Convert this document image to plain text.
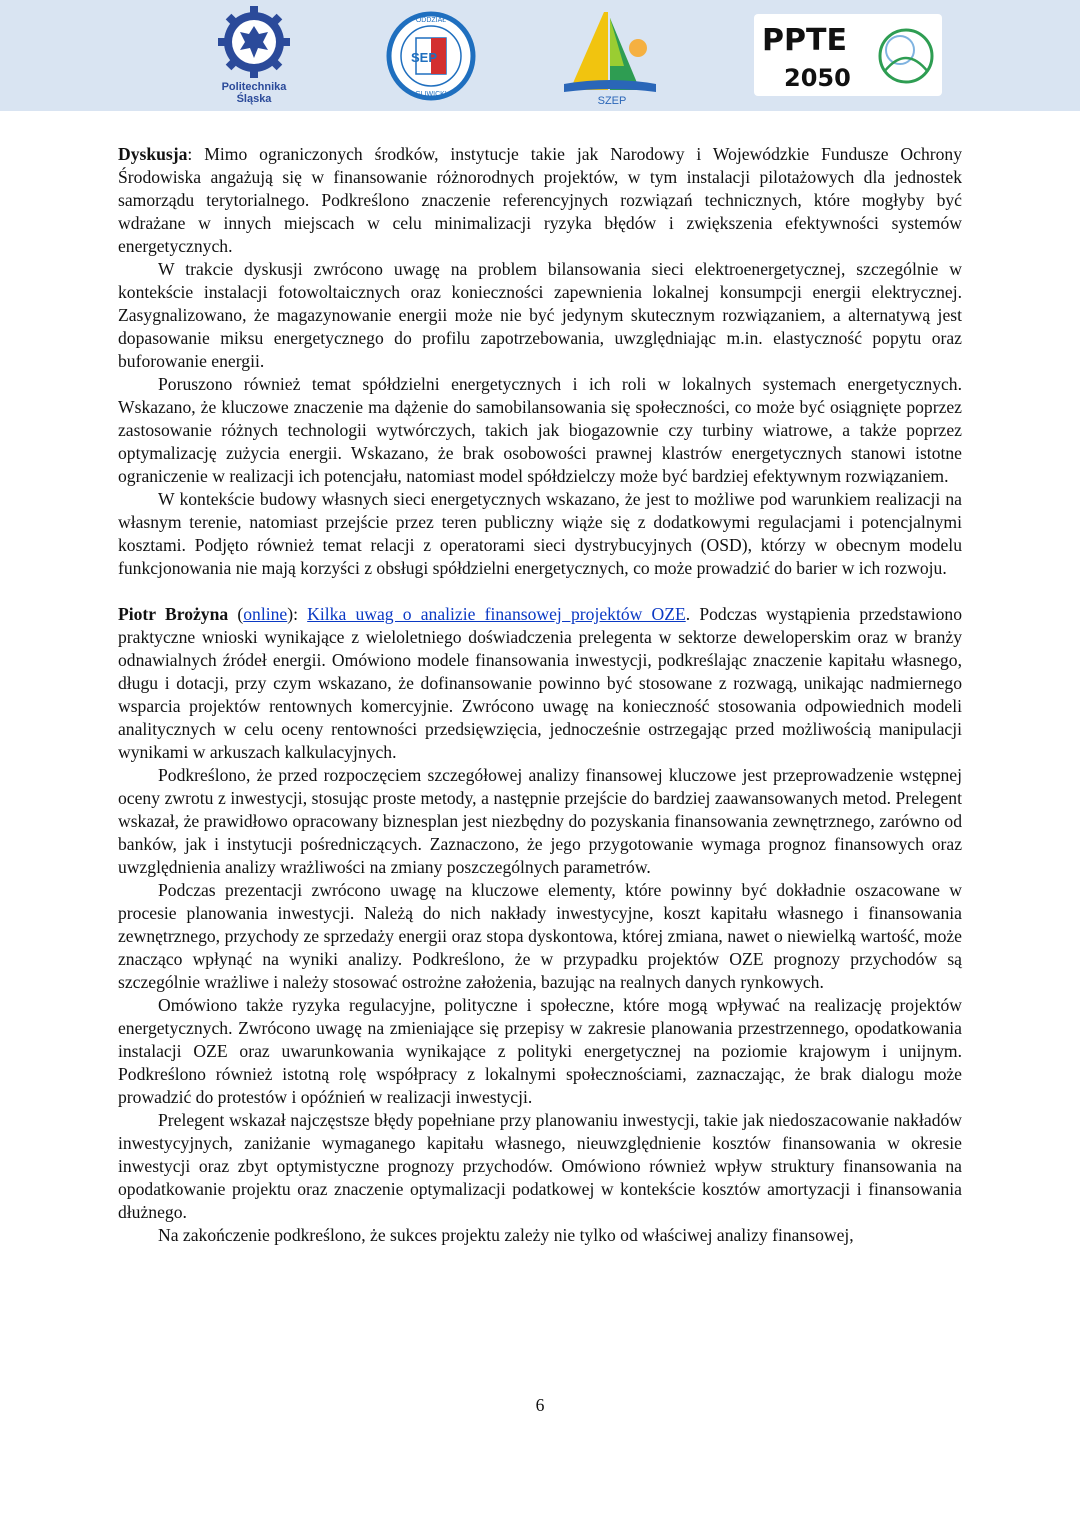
Politechnika
Śląska
ODDZIAŁ
GLIWICKI
SEP
SZEP
PPTE
2050

Dyskusja: Mimo ograniczonych środków, instytucje takie jak Narodowy i Wojewódzkie Fundusze Ochrony Środowiska angażują się w finansowanie różnorodnych projektów, w tym instalacji pilotażowych dla jednostek samorządu terytorialnego. Podkreślono znaczenie referencyjnych rozwiązań technicznych, które mogłyby być wdrażane w innych miejscach w celu minimalizacji ryzyka błędów i zwiększenia efektywności systemów energetycznych.

W trakcie dyskusji zwrócono uwagę na problem bilansowania sieci elektroenergetycznej, szczególnie w kontekście instalacji fotowoltaicznych oraz konieczności zapewnienia lokalnej konsumpcji energii elektrycznej. Zasygnalizowano, że magazynowanie energii może nie być jedynym skutecznym rozwiązaniem, a alternatywą jest dopasowanie miksu energetycznego do profilu zapotrzebowania, uwzględniając m.in. elastyczność popytu oraz buforowanie energii.

Poruszono również temat spółdzielni energetycznych i ich roli w lokalnych systemach energetycznych. Wskazano, że kluczowe znaczenie ma dążenie do samobilansowania się społeczności, co może być osiągnięte poprzez zastosowanie różnych technologii wytwórczych, takich jak biogazownie czy turbiny wiatrowe, a także poprzez optymalizację zużycia energii. Wskazano, że brak osobowości prawnej klastrów energetycznych stanowi istotne ograniczenie w realizacji ich potencjału, natomiast model spółdzielczy może być bardziej efektywnym rozwiązaniem.

W kontekście budowy własnych sieci energetycznych wskazano, że jest to możliwe pod warunkiem realizacji na własnym terenie, natomiast przejście przez teren publiczny wiąże się z dodatkowymi regulacjami i potencjalnymi kosztami. Podjęto również temat relacji z operatorami sieci dystrybucyjnych (OSD), którzy w obecnym modelu funkcjonowania nie mają korzyści z obsługi spółdzielni energetycznych, co może prowadzić do barier w ich rozwoju.

Piotr Brożyna (online): Kilka uwag o analizie finansowej projektów OZE. Podczas wystąpienia przedstawiono praktyczne wnioski wynikające z wieloletniego doświadczenia prelegenta w sektorze deweloperskim oraz w branży odnawialnych źródeł energii. Omówiono modele finansowania inwestycji, podkreślając znaczenie kapitału własnego, długu i dotacji, przy czym wskazano, że dofinansowanie powinno być stosowane z rozwagą, unikając nadmiernego wsparcia projektów rentownych komercyjnie. Zwrócono uwagę na konieczność stosowania odpowiednich modeli analitycznych w celu oceny rentowności przedsięwzięcia, jednocześnie ostrzegając przed możliwością manipulacji wynikami w arkuszach kalkulacyjnych.

Podkreślono, że przed rozpoczęciem szczegółowej analizy finansowej kluczowe jest przeprowadzenie wstępnej oceny zwrotu z inwestycji, stosując proste metody, a następnie przejście do bardziej zaawansowanych metod. Prelegent wskazał, że prawidłowo opracowany biznesplan jest niezbędny do pozyskania finansowania zewnętrznego, zarówno od banków, jak i instytucji pośredniczących. Zaznaczono, że jego przygotowanie wymaga prognoz finansowych oraz uwzględnienia analizy wrażliwości na zmiany poszczególnych parametrów.

Podczas prezentacji zwrócono uwagę na kluczowe elementy, które powinny być dokładnie oszacowane w procesie planowania inwestycji. Należą do nich nakłady inwestycyjne, koszt kapitału własnego i finansowania zewnętrznego, przychody ze sprzedaży energii oraz stopa dyskontowa, której zmiana, nawet o niewielką wartość, może znacząco wpłynąć na wyniki analizy. Podkreślono, że w przypadku projektów OZE prognozy przychodów są szczególnie wrażliwe i należy stosować ostrożne założenia, bazując na realnych danych rynkowych.

Omówiono także ryzyka regulacyjne, polityczne i społeczne, które mogą wpływać na realizację projektów energetycznych. Zwrócono uwagę na zmieniające się przepisy w zakresie planowania przestrzennego, opodatkowania instalacji OZE oraz uwarunkowania wynikające z polityki energetycznej na poziomie krajowym i unijnym. Podkreślono również istotną rolę współpracy z lokalnymi społecznościami, zaznaczając, że brak dialogu może prowadzić do protestów i opóźnień w realizacji inwestycji.

Prelegent wskazał najczęstsze błędy popełniane przy planowaniu inwestycji, takie jak niedoszacowanie nakładów inwestycyjnych, zaniżanie wymaganego kapitału własnego, nieuwzględnienie kosztów finansowania w okresie inwestycji oraz zbyt optymistyczne prognozy przychodów. Omówiono również wpływ struktury finansowania na opodatkowanie projektu oraz znaczenie optymalizacji podatkowej w kontekście kosztów amortyzacji i finansowania dłużnego.

Na zakończenie podkreślono, że sukces projektu zależy nie tylko od właściwej analizy finansowej,

6
